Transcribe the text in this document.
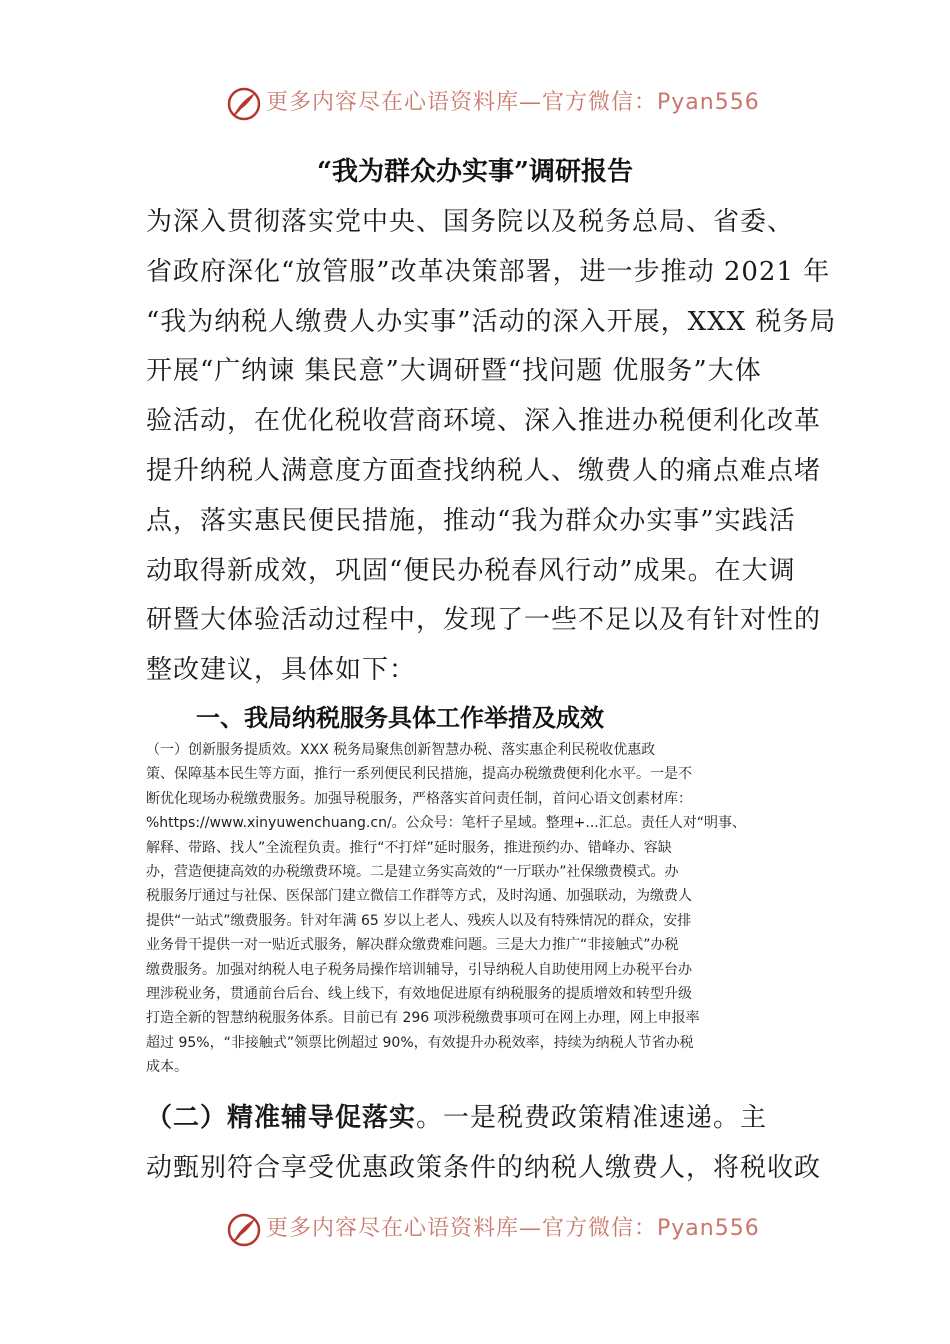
更多内容尽在心语资料库—官方微信：Pyan556
“我为群众办实事”调研报告
为深入贯彻落实党中央、国务院以及税务总局、省委、
省政府深化“放管服”改革决策部署，进一步推动 2021 年
“我为纳税人缴费人办实事”活动的深入开展，XXX 税务局
开展“广纳谏 集民意”大调研暨“找问题 优服务”大体
验活动，在优化税收营商环境、深入推进办税便利化改革
提升纳税人满意度方面查找纳税人、缴费人的痛点难点堵
点，落实惠民便民措施，推动“我为群众办实事”实践活
动取得新成效，巩固“便民办税春风行动”成果。在大调
研暨大体验活动过程中，发现了一些不足以及有针对性的
整改建议，具体如下：
一、我局纳税服务具体工作举措及成效
（一）创新服务提质效。XXX 税务局聚焦创新智慧办税、落实惠企利民税收优惠政
策、保障基本民生等方面，推行一系列便民利民措施，提高办税缴费便利化水平。一是不
断优化现场办税缴费服务。加强导税服务，严格落实首问责任制，首问心语文创素材库：
%https://www.xinyuwenchuang.cn/。公众号：笔杆子星域。整理+...汇总。责任人对“明事、
解释、带路、找人”全流程负责。推行“不打烊”延时服务，推进预约办、错峰办、容缺
办，营造便捷高效的办税缴费环境。二是建立务实高效的“一厅联办”社保缴费模式。办
税服务厅通过与社保、医保部门建立微信工作群等方式，及时沟通、加强联动，为缴费人
提供“一站式”缴费服务。针对年满 65 岁以上老人、残疾人以及有特殊情况的群众，安排
业务骨干提供一对一贴近式服务，解决群众缴费难问题。三是大力推广“非接触式”办税
缴费服务。加强对纳税人电子税务局操作培训辅导，引导纳税人自助使用网上办税平台办
理涉税业务，贯通前台后台、线上线下，有效地促进原有纳税服务的提质增效和转型升级
打造全新的智慧纳税服务体系。目前已有 296 项涉税缴费事项可在网上办理，网上申报率
超过 95%，“非接触式”领票比例超过 90%，有效提升办税效率，持续为纳税人节省办税
成本。
（二）精准辅导促落实。一是税费政策精准速递。主
动甄别符合享受优惠政策条件的纳税人缴费人，将税收政
更多内容尽在心语资料库—官方微信：Pyan556
